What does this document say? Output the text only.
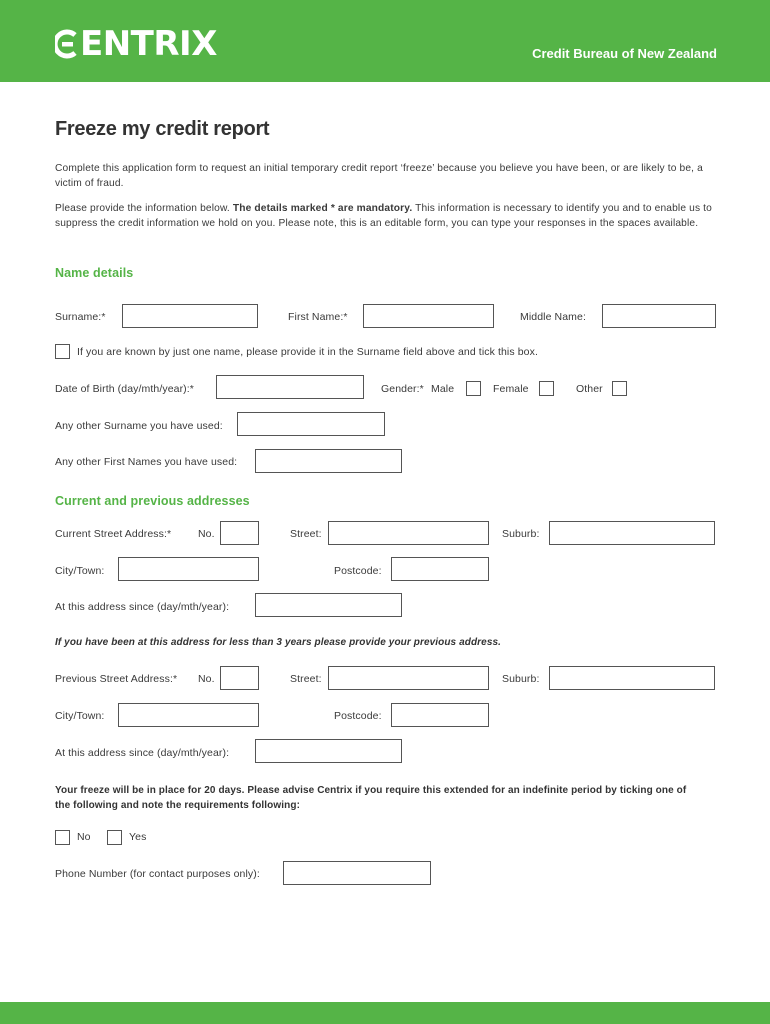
ENTRIX	Credit Bureau of New Zealand
Freeze my credit report
Complete this application form to request an initial temporary credit report ‘freeze’ because you believe you have been, or are likely to be, a victim of fraud.
Please provide the information below. The details marked * are mandatory. This information is necessary to identify you and to enable us to suppress the credit information we hold on you. Please note, this is an editable form, you can type your responses in the spaces available.
Name details
Surname:*	First Name:*	Middle Name:
If you are known by just one name, please provide it in the Surname field above and tick this box.
Date of Birth (day/mth/year):*	Gender:* Male	Female	Other
Any other Surname you have used:
Any other First Names you have used:
Current and previous addresses
Current Street Address:*	No.	Street:	Suburb:
City/Town:	Postcode:
At this address since (day/mth/year):
If you have been at this address for less than 3 years please provide your previous address.
Previous Street Address:* No.	Street:	Suburb:
City/Town:	Postcode:
At this address since (day/mth/year):
Your freeze will be in place for 20 days. Please advise Centrix if you require this extended for an indefinite period by ticking one of the following and note the requirements following:
No	Yes
Phone Number (for contact purposes only):
